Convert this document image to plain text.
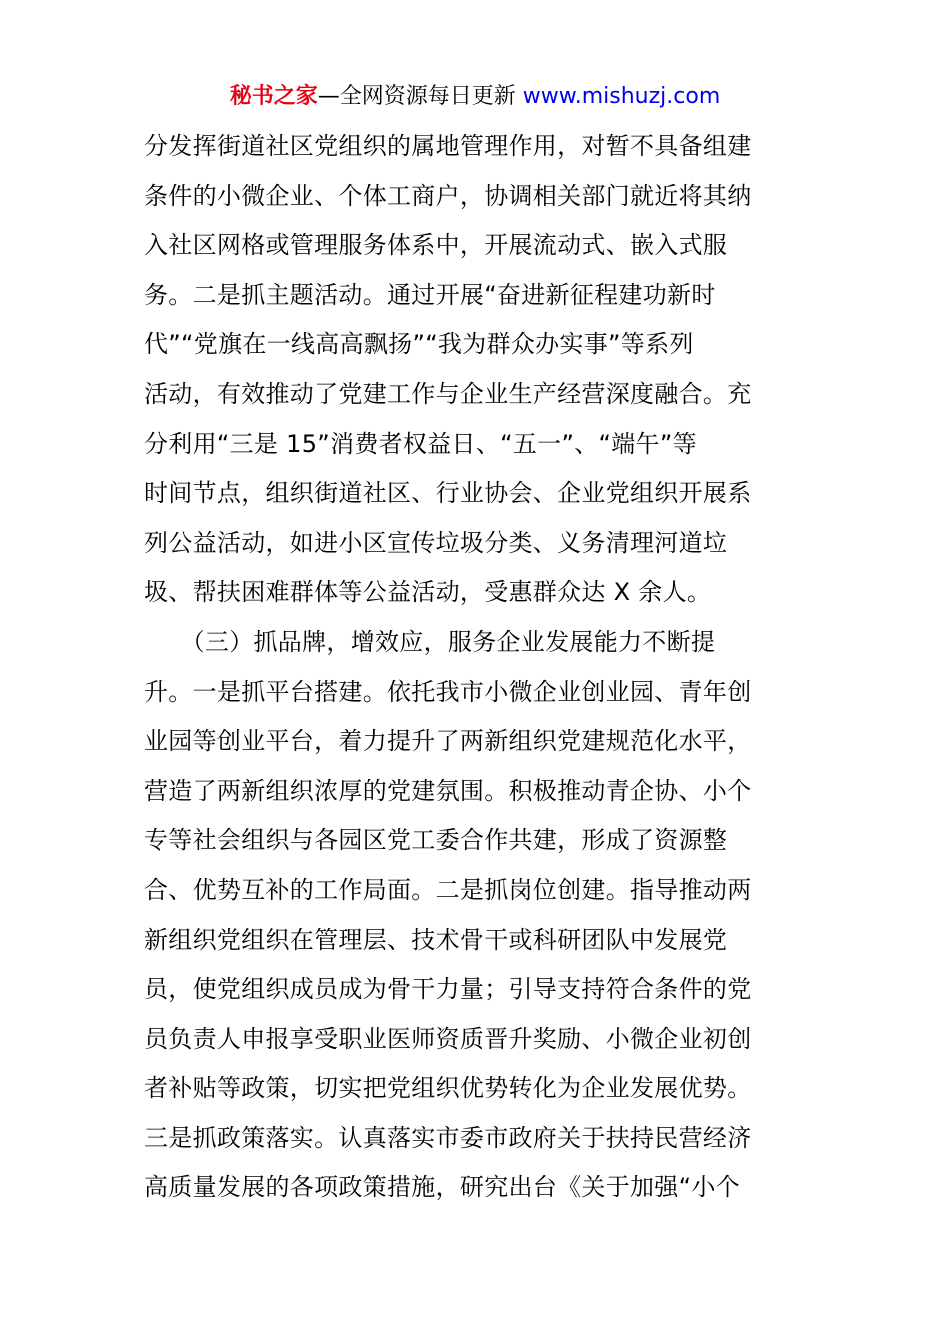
秘书之家—全网资源每日更新 www.mishuzj.com
分发挥街道社区党组织的属地管理作用，对暂不具备组建
条件的小微企业、个体工商户，协调相关部门就近将其纳
入社区网格或管理服务体系中，开展流动式、嵌入式服
务。二是抓主题活动。通过开展“奋进新征程建功新时
代”“党旗在一线高高飘扬”“我为群众办实事”等系列
活动，有效推动了党建工作与企业生产经营深度融合。充
分利用“三是 15”消费者权益日、“五一”、“端午”等
时间节点，组织街道社区、行业协会、企业党组织开展系
列公益活动，如进小区宣传垃圾分类、义务清理河道垃
圾、帮扶困难群体等公益活动，受惠群众达 X 余人。
　　（三）抓品牌，增效应，服务企业发展能力不断提
升。一是抓平台搭建。依托我市小微企业创业园、青年创
业园等创业平台，着力提升了两新组织党建规范化水平，
营造了两新组织浓厚的党建氛围。积极推动青企协、小个
专等社会组织与各园区党工委合作共建，形成了资源整
合、优势互补的工作局面。二是抓岗位创建。指导推动两
新组织党组织在管理层、技术骨干或科研团队中发展党
员，使党组织成员成为骨干力量；引导支持符合条件的党
员负责人申报享受职业医师资质晋升奖励、小微企业初创
者补贴等政策，切实把党组织优势转化为企业发展优势。
三是抓政策落实。认真落实市委市政府关于扶持民营经济
高质量发展的各项政策措施，研究出台《关于加强“小个
